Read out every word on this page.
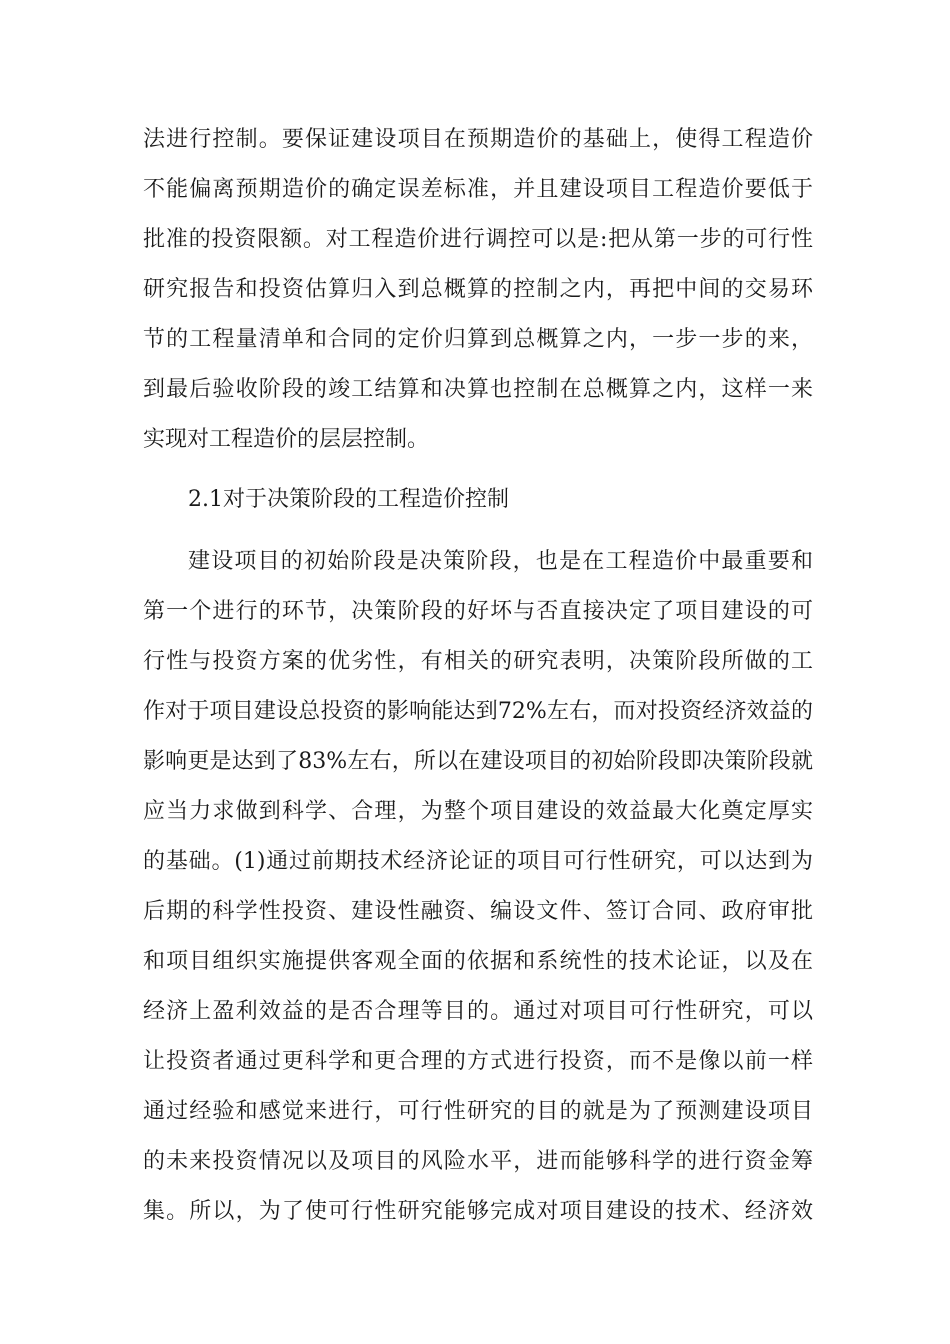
法进行控制。要保证建设项目在预期造价的基础上，使得工程造价
不能偏离预期造价的确定误差标准，并且建设项目工程造价要低于
批准的投资限额。对工程造价进行调控可以是:把从第一步的可行性
研究报告和投资估算归入到总概算的控制之内，再把中间的交易环
节的工程量清单和合同的定价归算到总概算之内，一步一步的来，
到最后验收阶段的竣工结算和决算也控制在总概算之内，这样一来
实现对工程造价的层层控制。
2.1对于决策阶段的工程造价控制
建设项目的初始阶段是决策阶段，也是在工程造价中最重要和
第一个进行的环节，决策阶段的好坏与否直接决定了项目建设的可
行性与投资方案的优劣性，有相关的研究表明，决策阶段所做的工
作对于项目建设总投资的影响能达到72%左右，而对投资经济效益的
影响更是达到了83%左右，所以在建设项目的初始阶段即决策阶段就
应当力求做到科学、合理，为整个项目建设的效益最大化奠定厚实
的基础。(1)通过前期技术经济论证的项目可行性研究，可以达到为
后期的科学性投资、建设性融资、编设文件、签订合同、政府审批
和项目组织实施提供客观全面的依据和系统性的技术论证，以及在
经济上盈利效益的是否合理等目的。通过对项目可行性研究，可以
让投资者通过更科学和更合理的方式进行投资，而不是像以前一样
通过经验和感觉来进行，可行性研究的目的就是为了预测建设项目
的未来投资情况以及项目的风险水平，进而能够科学的进行资金筹
集。所以，为了使可行性研究能够完成对项目建设的技术、经济效
